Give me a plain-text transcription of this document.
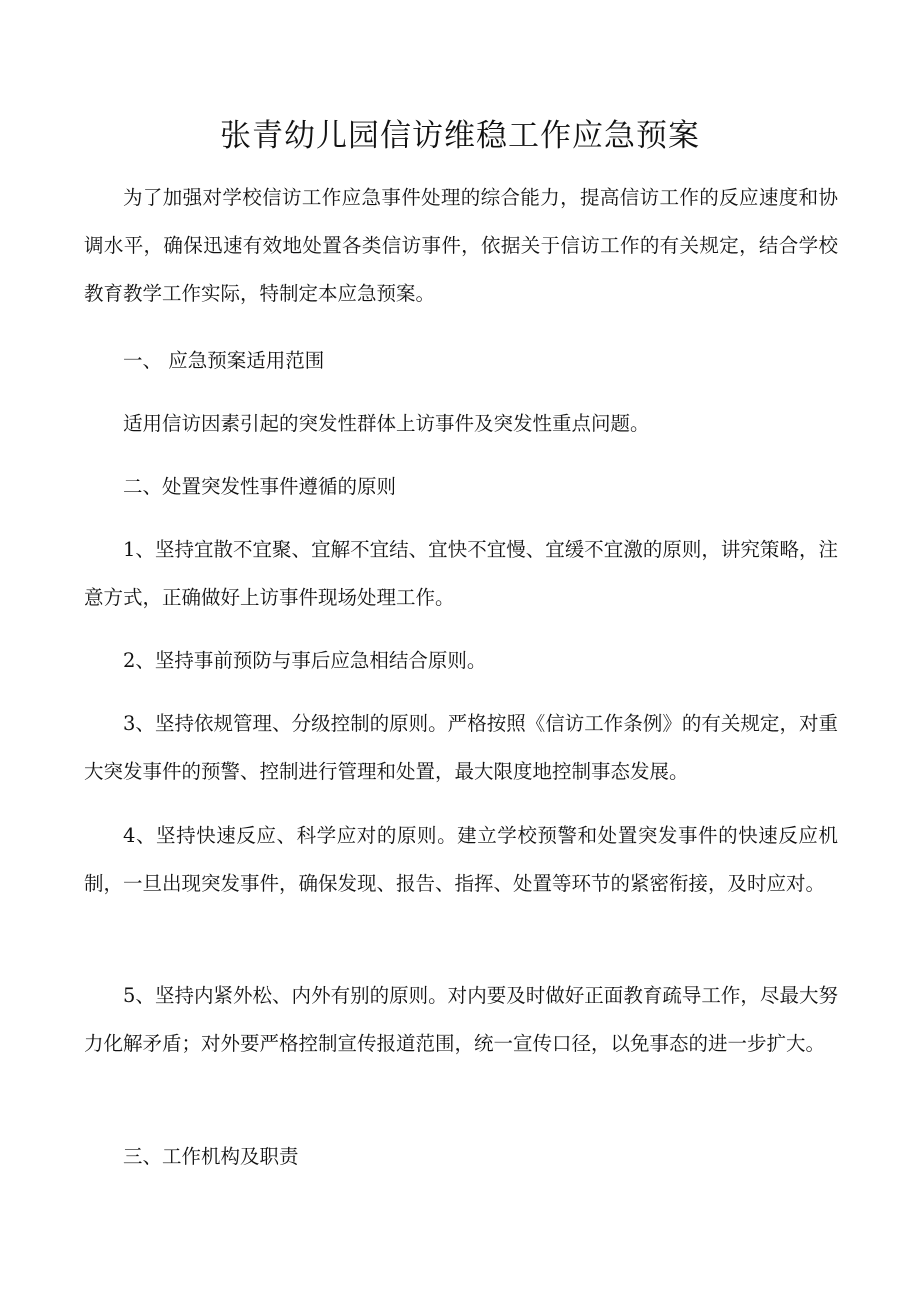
张青幼儿园信访维稳工作应急预案

为了加强对学校信访工作应急事件处理的综合能力，提高信访工作的反应速度和协调水平，确保迅速有效地处置各类信访事件，依据关于信访工作的有关规定，结合学校教育教学工作实际，特制定本应急预案。

一、 应急预案适用范围

适用信访因素引起的突发性群体上访事件及突发性重点问题。

二、处置突发性事件遵循的原则

1、坚持宜散不宜聚、宜解不宜结、宜快不宜慢、宜缓不宜激的原则，讲究策略，注意方式，正确做好上访事件现场处理工作。

2、坚持事前预防与事后应急相结合原则。

3、坚持依规管理、分级控制的原则。严格按照《信访工作条例》的有关规定，对重大突发事件的预警、控制进行管理和处置，最大限度地控制事态发展。

4、坚持快速反应、科学应对的原则。建立学校预警和处置突发事件的快速反应机制，一旦出现突发事件，确保发现、报告、指挥、处置等环节的紧密衔接，及时应对。

5、坚持内紧外松、内外有别的原则。对内要及时做好正面教育疏导工作，尽最大努力化解矛盾；对外要严格控制宣传报道范围，统一宣传口径，以免事态的进一步扩大。

三、工作机构及职责
